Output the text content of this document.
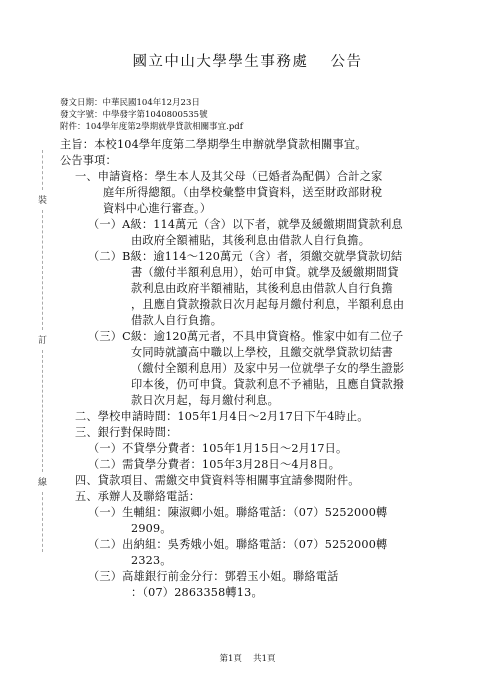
國立中山大學學生事務處　 公告
發文日期：中華民國104年12月23日
發文字號：中學發字第1040800535號
附件：104學年度第2學期就學貸款相關事宜.pdf
裝
訂
線
主旨：本校104學年度第二學期學生申辦就學貸款相關事宜。
公告事項：
一、申請資格：學生本人及其父母（已婚者為配偶）合計之家
庭年所得總額。（由學校彙整申貸資料，送至財政部財稅
資料中心進行審查。）
（一）A級：114萬元（含）以下者，就學及緩繳期間貸款利息
由政府全額補貼，其後利息由借款人自行負擔。
（二）B級：逾114～120萬元（含）者，須繳交就學貸款切結
書（繳付半額利息用），始可申貸。就學及緩繳期間貸
款利息由政府半額補貼，其後利息由借款人自行負擔
，且應自貸款撥款日次月起每月繳付利息，半額利息由
借款人自行負擔。
（三）C級：逾120萬元者，不具申貸資格。惟家中如有二位子
女同時就讀高中職以上學校，且繳交就學貸款切結書
（繳付全額利息用）及家中另一位就學子女的學生證影
印本後，仍可申貸。貸款利息不予補貼，且應自貸款撥
款日次月起，每月繳付利息。
二、學校申請時間：105年1月4日～2月17日下午4時止。
三、銀行對保時間：
（一）不貸學分費者：105年1月15日～2月17日。
（二）需貸學分費者：105年3月28日～4月8日。
四、貸款項目、需繳交申貸資料等相關事宜請參閱附件。
五、承辦人及聯絡電話：
（一）生輔組：陳淑卿小姐。聯絡電話：（07）5252000轉
2909。
（二）出納組：吳秀娥小姐。聯絡電話：（07）5252000轉
2323。
（三）高雄銀行前金分行：鄧碧玉小姐。聯絡電話
：（07）2863358轉13。
第1頁　 共1頁
